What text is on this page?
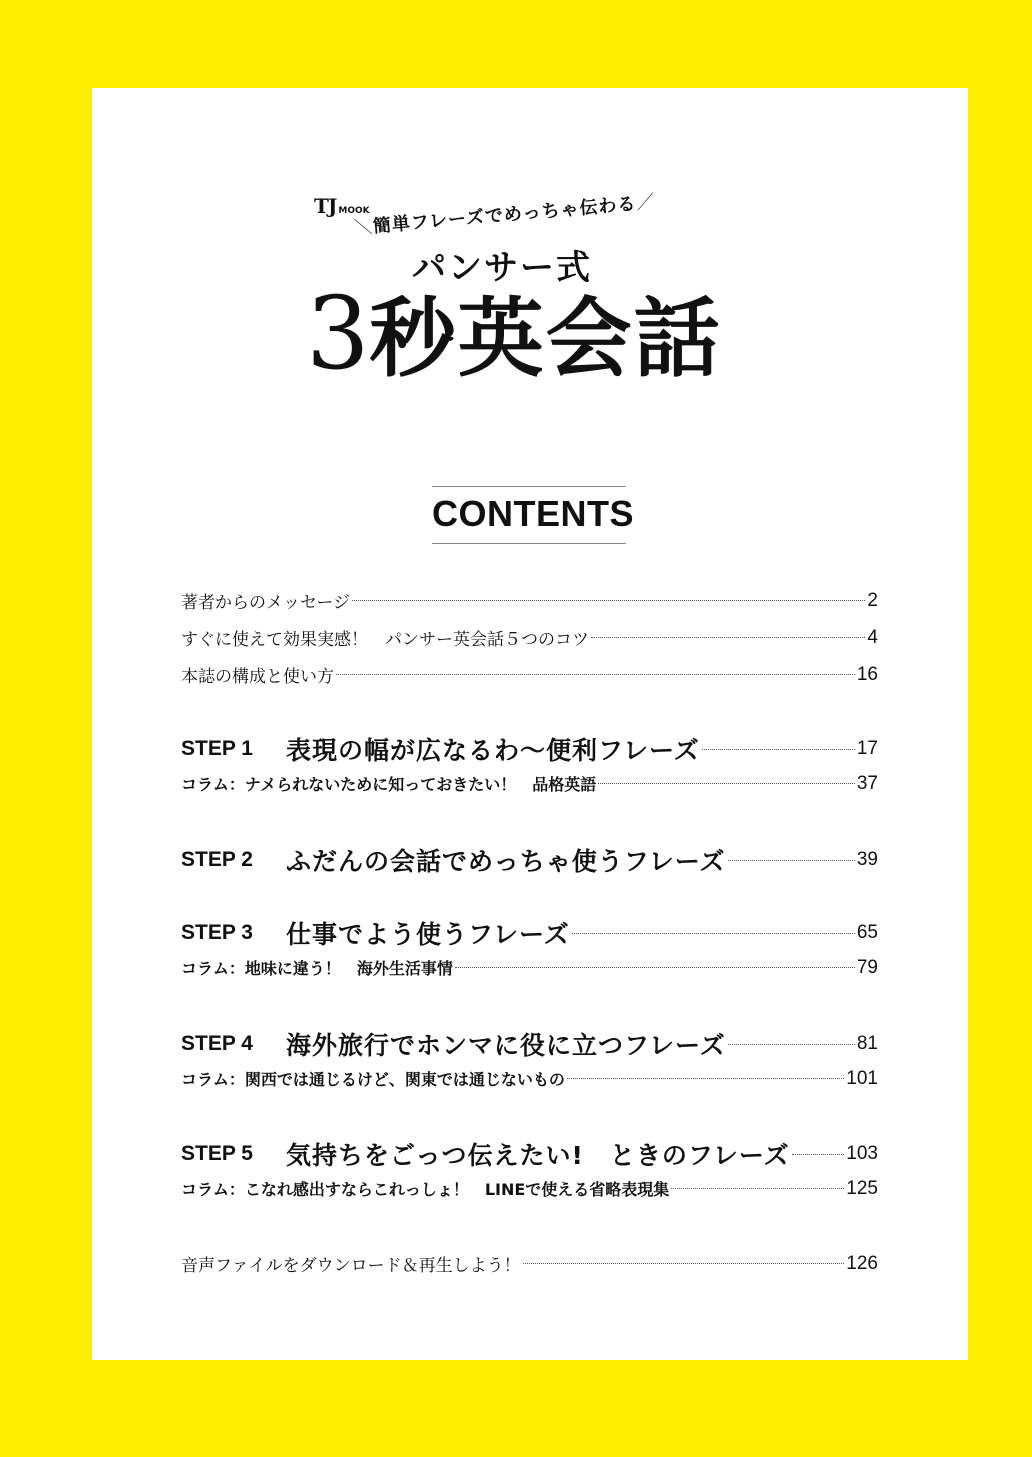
TJ MOOK
＼簡単フレーズでめっちゃ伝わる／
パンサー式
3秒英会話
CONTENTS
著者からのメッセージ	2
すぐに使えて効果実感！　パンサー英会話５つのコツ	4
本誌の構成と使い方	16
STEP 1	表現の幅が広なるわ〜便利フレーズ	17
コラム：ナメられないために知っておきたい！　品格英語	37
STEP 2	ふだんの会話でめっちゃ使うフレーズ	39
STEP 3	仕事でよう使うフレーズ	65
コラム：地味に違う！　海外生活事情	79
STEP 4	海外旅行でホンマに役に立つフレーズ	81
コラム：関西では通じるけど、関東では通じないもの	101
STEP 5	気持ちをごっつ伝えたい!　ときのフレーズ	103
コラム：こなれ感出すならこれっしょ！　LINEで使える省略表現集	125
音声ファイルをダウンロード＆再生しよう！	126
